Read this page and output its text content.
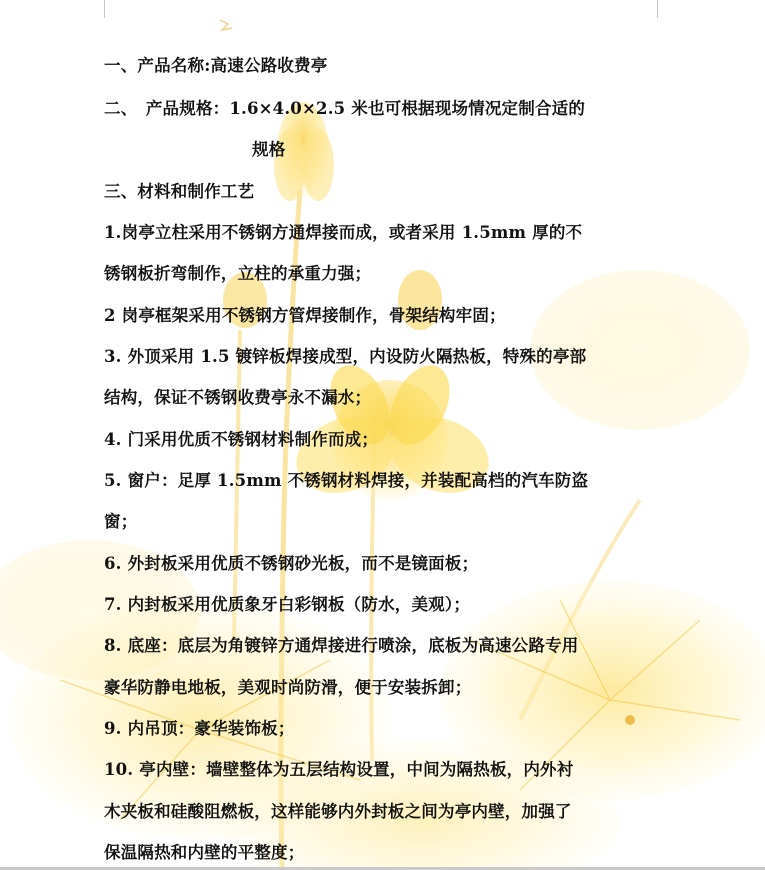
一、产品名称:高速公路收费亭
二、　产品规格：1.6×4.0×2.5 米也可根据现场情况定制合适的
规格
三、材料和制作工艺
1.岗亭立柱采用不锈钢方通焊接而成，或者采用 1.5mm 厚的不
锈钢板折弯制作，立柱的承重力强；
2 岗亭框架采用不锈钢方管焊接制作，骨架结构牢固；
3. 外顶采用 1.5 镀锌板焊接成型，内设防火隔热板，特殊的亭部
结构，保证不锈钢收费亭永不漏水；
4. 门采用优质不锈钢材料制作而成；
5. 窗户：足厚 1.5mm 不锈钢材料焊接，并装配高档的汽车防盗
窗；
6. 外封板采用优质不锈钢砂光板，而不是镜面板；
7. 内封板采用优质象牙白彩钢板（防水，美观）；
8. 底座：底层为角镀锌方通焊接进行喷涂，底板为高速公路专用
豪华防静电地板，美观时尚防滑，便于安装拆卸；
9. 内吊顶：豪华装饰板；
10. 亭内壁：墙壁整体为五层结构设置，中间为隔热板，内外衬
木夹板和硅酸阻燃板，这样能够内外封板之间为亭内壁，加强了
保温隔热和内壁的平整度；
